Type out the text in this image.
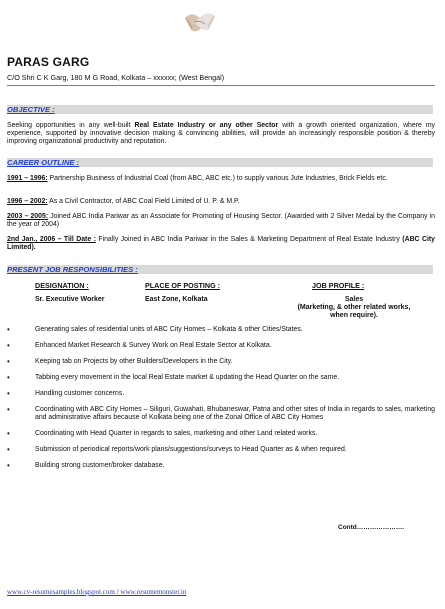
PARAS GARG
C/O Shri C K Garg, 180 M G Road, Kolkata – xxxxxx; (West Bengal)
OBJECTIVE :
Seeking opportunities in any well-built Real Estate Industry or any other Sector with a growth oriented organization, where my experience, supported by innovative decision making & convincing abilities, will provide an increasingly responsible position & thereby improving organizational productivity and reputation.
CAREER OUTLINE :
1991 – 1996: Partnership Business of Industrial Coal (from ABC, ABC etc.) to supply various Jute Industries, Brick Fields etc.
1996 – 2002: As a Civil Contractor, of ABC Coal Field Limited of U. P. & M.P.
2003 – 2005: Joined ABC India Pariwar as an Associate for Promoting of Housing Sector. (Awarded with 2 Silver Medal by the Company in the year of 2004)
2nd Jan., 2006 – Till Date : Finally Joined in ABC India Pariwar in the Sales & Marketing Department of Real Estate Industry (ABC City Limited).
PRESENT JOB RESPONSIBILITIES :
DESIGNATION :	PLACE OF POSTING :	JOB PROFILE :
Sr. Executive Worker	East Zone, Kolkata	Sales
(Marketing, & other related works,
when require).
•	Generating sales of residential units of ABC City Homes – Kolkata & other Cities/States.
•	Enhanced Market Research & Survey Work on Real Estate Sector at Kolkata.
•	Keeping tab on Projects by other Builders/Developers in the City.
•	Tabbing every movement in the local Real Estate market & updating the Head Quarter on the same.
•	Handling customer concerns.
•	Coordinating with ABC City Homes – Siliguri, Guwahati, Bhubaneswar, Patna and other sites of India in regards to sales, marketing and administrative affairs because of Kolkata being one of the Zonal Office of ABC City Homes
•	Coordinating with Head Quarter in regards to sales, marketing and other Land related works.
•	Submission of periodical reports/work plans/suggestions/surveys to Head Quarter as & when required.
•	Building strong customer/broker database.
Contd………………….
www.cv-resumesamples.blogspot.com / www.resumemonster.in
